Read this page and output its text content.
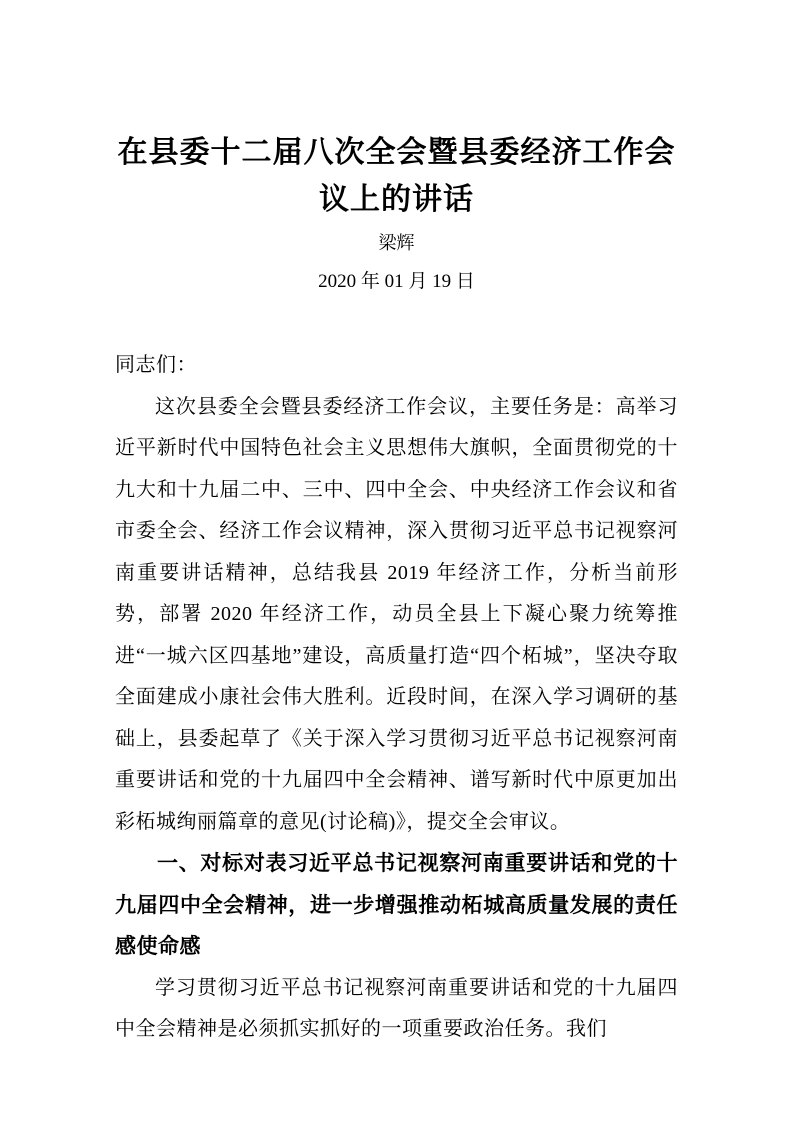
在县委十二届八次全会暨县委经济工作会议上的讲话
梁辉
2020 年 01 月 19 日

同志们：

这次县委全会暨县委经济工作会议，主要任务是：高举习近平新时代中国特色社会主义思想伟大旗帜，全面贯彻党的十九大和十九届二中、三中、四中全会、中央经济工作会议和省市委全会、经济工作会议精神，深入贯彻习近平总书记视察河南重要讲话精神，总结我县 2019 年经济工作，分析当前形势，部署 2020 年经济工作，动员全县上下凝心聚力统筹推进“一城六区四基地”建设，高质量打造“四个柘城”，坚决夺取全面建成小康社会伟大胜利。近段时间，在深入学习调研的基础上，县委起草了《关于深入学习贯彻习近平总书记视察河南重要讲话和党的十九届四中全会精神、谱写新时代中原更加出彩柘城绚丽篇章的意见(讨论稿)》，提交全会审议。

一、对标对表习近平总书记视察河南重要讲话和党的十九届四中全会精神，进一步增强推动柘城高质量发展的责任感使命感

学习贯彻习近平总书记视察河南重要讲话和党的十九届四中全会精神是必须抓实抓好的一项重要政治任务。我们
